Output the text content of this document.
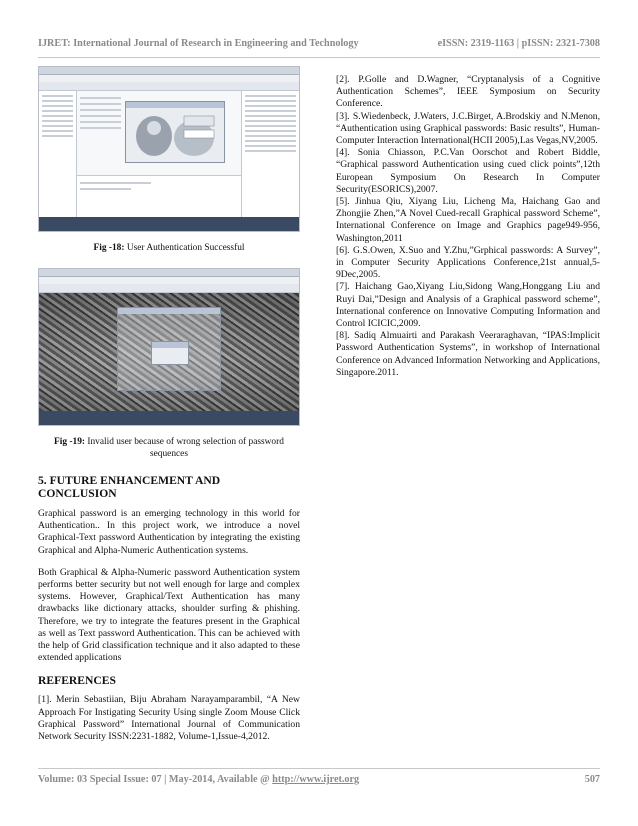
IJRET: International Journal of Research in Engineering and Technology	eISSN: 2319-1163 | pISSN: 2321-7308
Fig -18: User Authentication Successful
Fig -19: Invalid user because of wrong selection of password sequences
5. FUTURE ENHANCEMENT AND CONCLUSION

Graphical password is an emerging technology in this world for Authentication.. In this project work, we introduce a novel Graphical-Text password Authentication by integrating the existing Graphical and Alpha-Numeric Authentication systems.

Both Graphical & Alpha-Numeric password Authentication system performs better security but not well enough for large and complex systems. However, Graphical/Text Authentication has many drawbacks like dictionary attacks, shoulder surfing & phishing. Therefore, we try to integrate the features present in the Graphical as well as Text password Authentication. This can be achieved with the help of Grid classification technique and it also adapted to these extended applications

REFERENCES

[1]. Merin Sebastiian, Biju Abraham Narayamparambil, “A New Approach For Instigating Security Using single Zoom Mouse Click Graphical Password” International Journal of Communication Network Security ISSN:2231-1882, Volume-1,Issue-4,2012.

[2]. P.Golle and D.Wagner, “Cryptanalysis of a Cognitive Authentication Schemes”, IEEE Symposium on Security Conference.

[3]. S.Wiedenbeck, J.Waters, J.C.Birget, A.Brodskiy and N.Menon, “Authentication using Graphical passwords: Basic results”, Human-Computer Interaction International(HCII 2005),Las Vegas,NV,2005.

[4]. Sonia Chiasson, P.C.Van Oorschot and Robert Biddle, “Graphical password Authentication using cued click points”,12th European Symposium On Research In Computer Security(ESORICS),2007.

[5]. Jinhua Qiu, Xiyang Liu, Licheng Ma, Haichang Gao and Zhongjie Zhen,”A Novel Cued-recall Graphical password Scheme”, International Conference on Image and Graphics page949-956, Washington,2011

[6]. G.S.Owen, X.Suo and Y.Zhu,”Grphical passwords: A Survey”, in Computer Security Applications Conference,21st annual,5-9Dec,2005.

[7]. Haichang Gao,Xiyang Liu,Sidong Wang,Honggang Liu and Ruyi Dai,”Design and Analysis of a Graphical password scheme”, International conference on Innovative Computing Information and Control ICICIC,2009.

[8]. Sadiq Almuairti and Parakash Veeraraghavan, “IPAS:Implicit Password Authentication Systems”, in workshop of International Conference on Advanced Information Networking and Applications, Singapore.2011.

Volume: 03 Special Issue: 07 | May-2014, Available @ http://www.ijret.org	507
